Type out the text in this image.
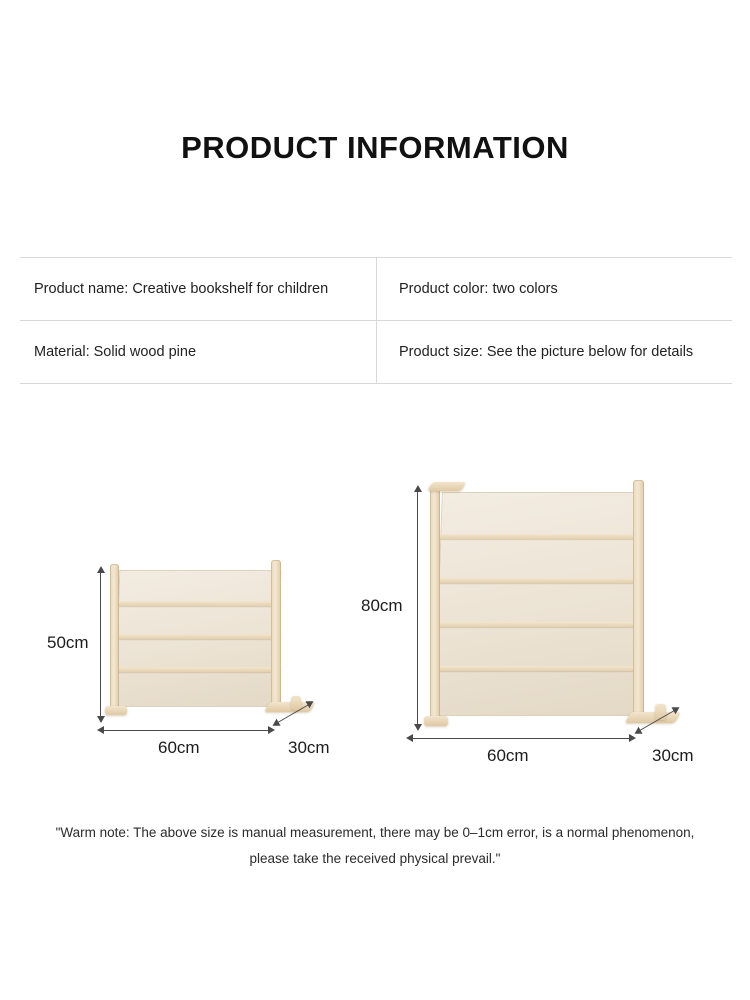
PRODUCT INFORMATION
Product name: Creative bookshelf for children	Product color: two colors
Material: Solid wood pine	Product size: See the picture below for details
50cm
60cm	30cm
80cm
60cm	30cm
"Warm note: The above size is manual measurement, there may be 0–1cm error, is a normal phenomenon,
please take the received physical prevail."
